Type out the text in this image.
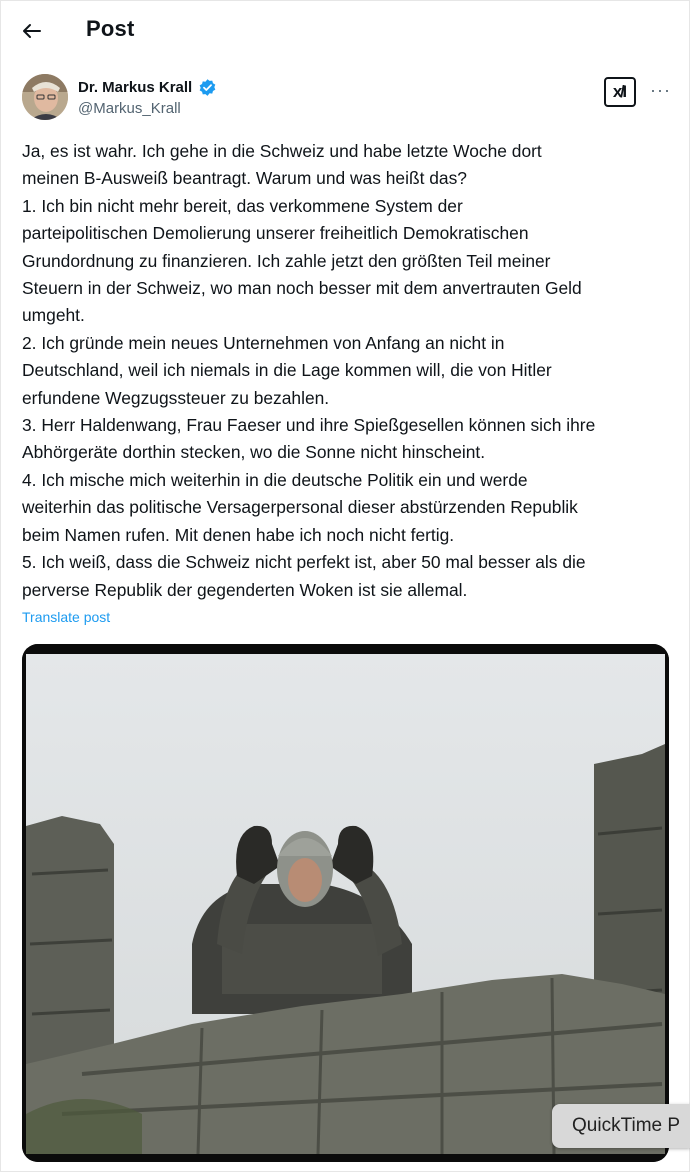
Post
Dr. Markus Krall
@Markus_Krall
x̸I ···

Ja, es ist wahr. Ich gehe in die Schweiz und habe letzte Woche dort

meinen B-Ausweiß beantragt. Warum und was heißt das?

1. Ich bin nicht mehr bereit, das verkommene System der

parteipolitischen Demolierung unserer freiheitlich Demokratischen

Grundordnung zu finanzieren. Ich zahle jetzt den größten Teil meiner

Steuern in der Schweiz, wo man noch besser mit dem anvertrauten Geld

umgeht.

2. Ich gründe mein neues Unternehmen von Anfang an nicht in

Deutschland, weil ich niemals in die Lage kommen will, die von Hitler

erfundene Wegzugssteuer zu bezahlen.

3. Herr Haldenwang, Frau Faeser und ihre Spießgesellen können sich ihre

Abhörgeräte dorthin stecken, wo die Sonne nicht hinscheint.

4. Ich mische mich weiterhin in die deutsche Politik ein und werde

weiterhin das politische Versagerpersonal dieser abstürzenden Republik

beim Namen rufen. Mit denen habe ich noch nicht fertig.

5. Ich weiß, dass die Schweiz nicht perfekt ist, aber 50 mal besser als die

perverse Republik der gegenderten Woken ist sie allemal.

Translate post
QuickTime P
